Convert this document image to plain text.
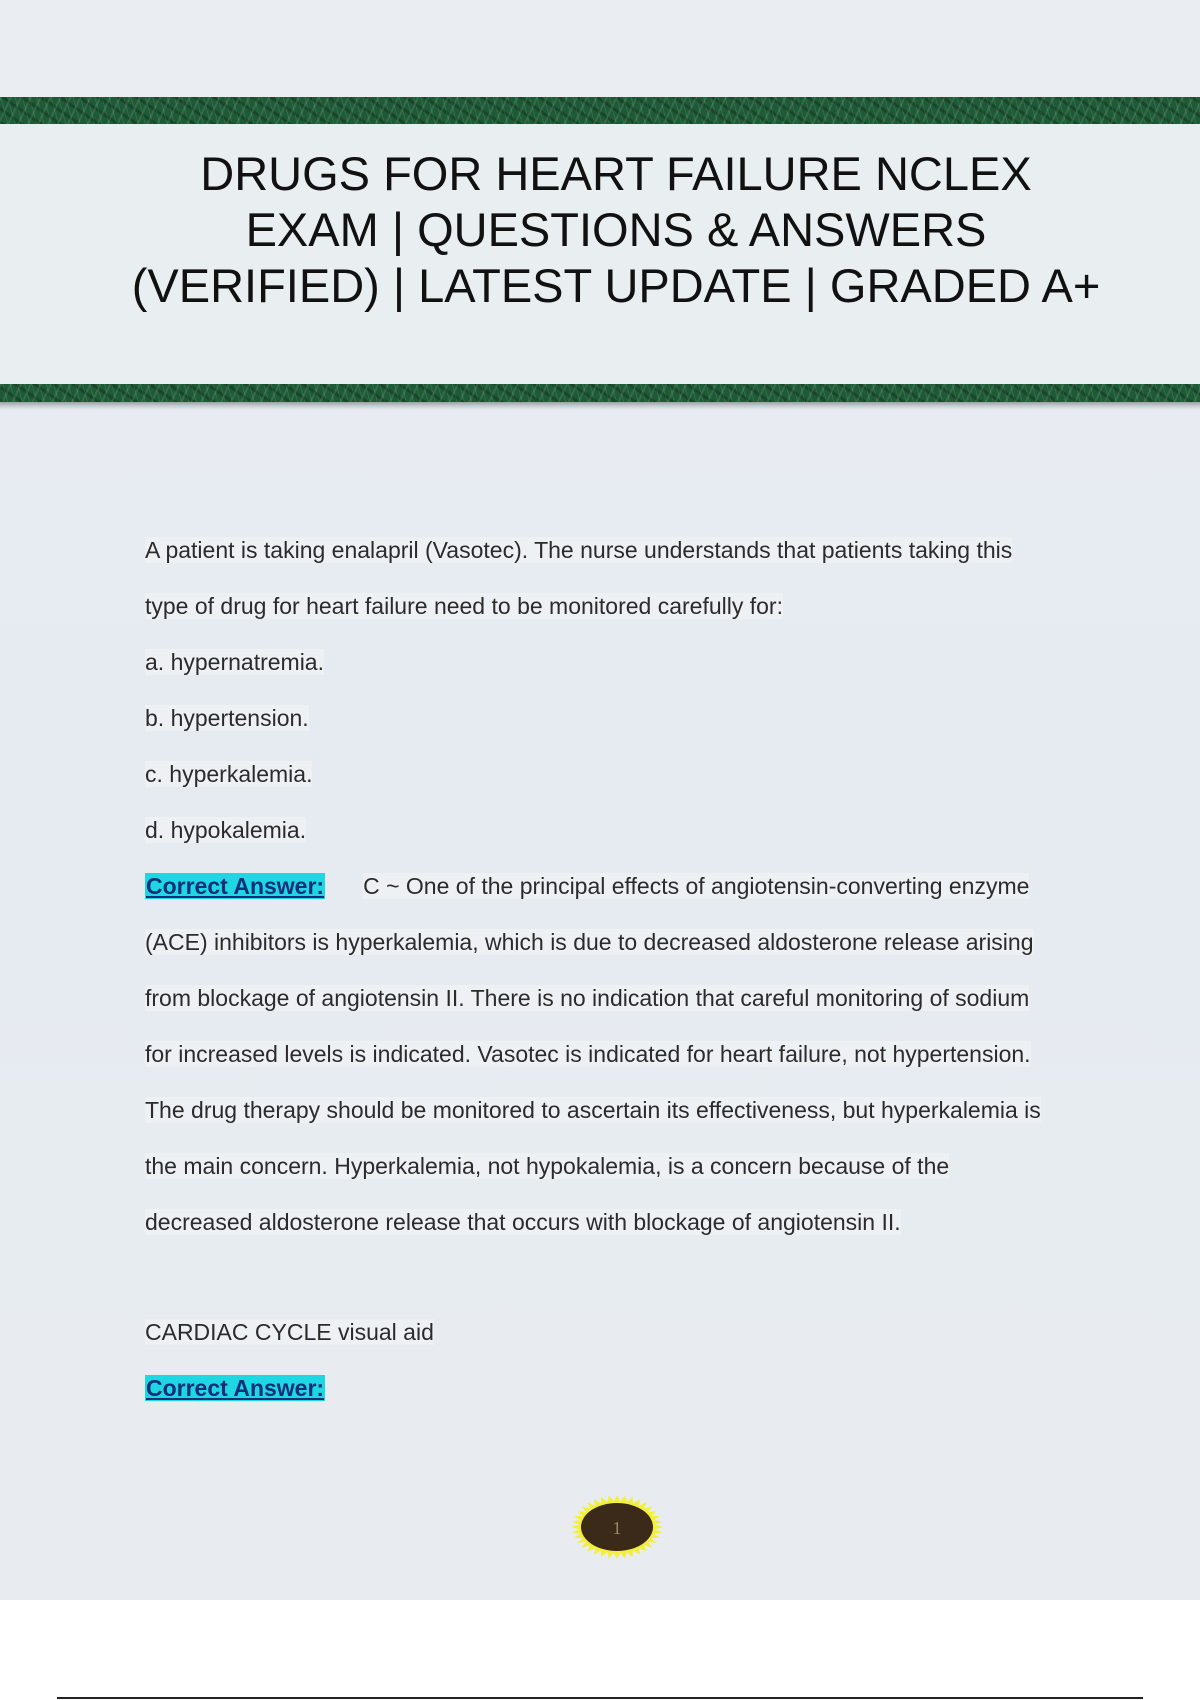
DRUGS FOR HEART FAILURE NCLEX EXAM | QUESTIONS & ANSWERS (VERIFIED) | LATEST UPDATE | GRADED A+
A patient is taking enalapril (Vasotec). The nurse understands that patients taking this
type of drug for heart failure need to be monitored carefully for:
a. hypernatremia.
b. hypertension.
c. hyperkalemia.
d. hypokalemia.
Correct Answer: C ~ One of the principal effects of angiotensin-converting enzyme
(ACE) inhibitors is hyperkalemia, which is due to decreased aldosterone release arising
from blockage of angiotensin II. There is no indication that careful monitoring of sodium
for increased levels is indicated. Vasotec is indicated for heart failure, not hypertension.
The drug therapy should be monitored to ascertain its effectiveness, but hyperkalemia is
the main concern. Hyperkalemia, not hypokalemia, is a concern because of the
decreased aldosterone release that occurs with blockage of angiotensin II.
CARDIAC CYCLE visual aid
Correct Answer:
1
